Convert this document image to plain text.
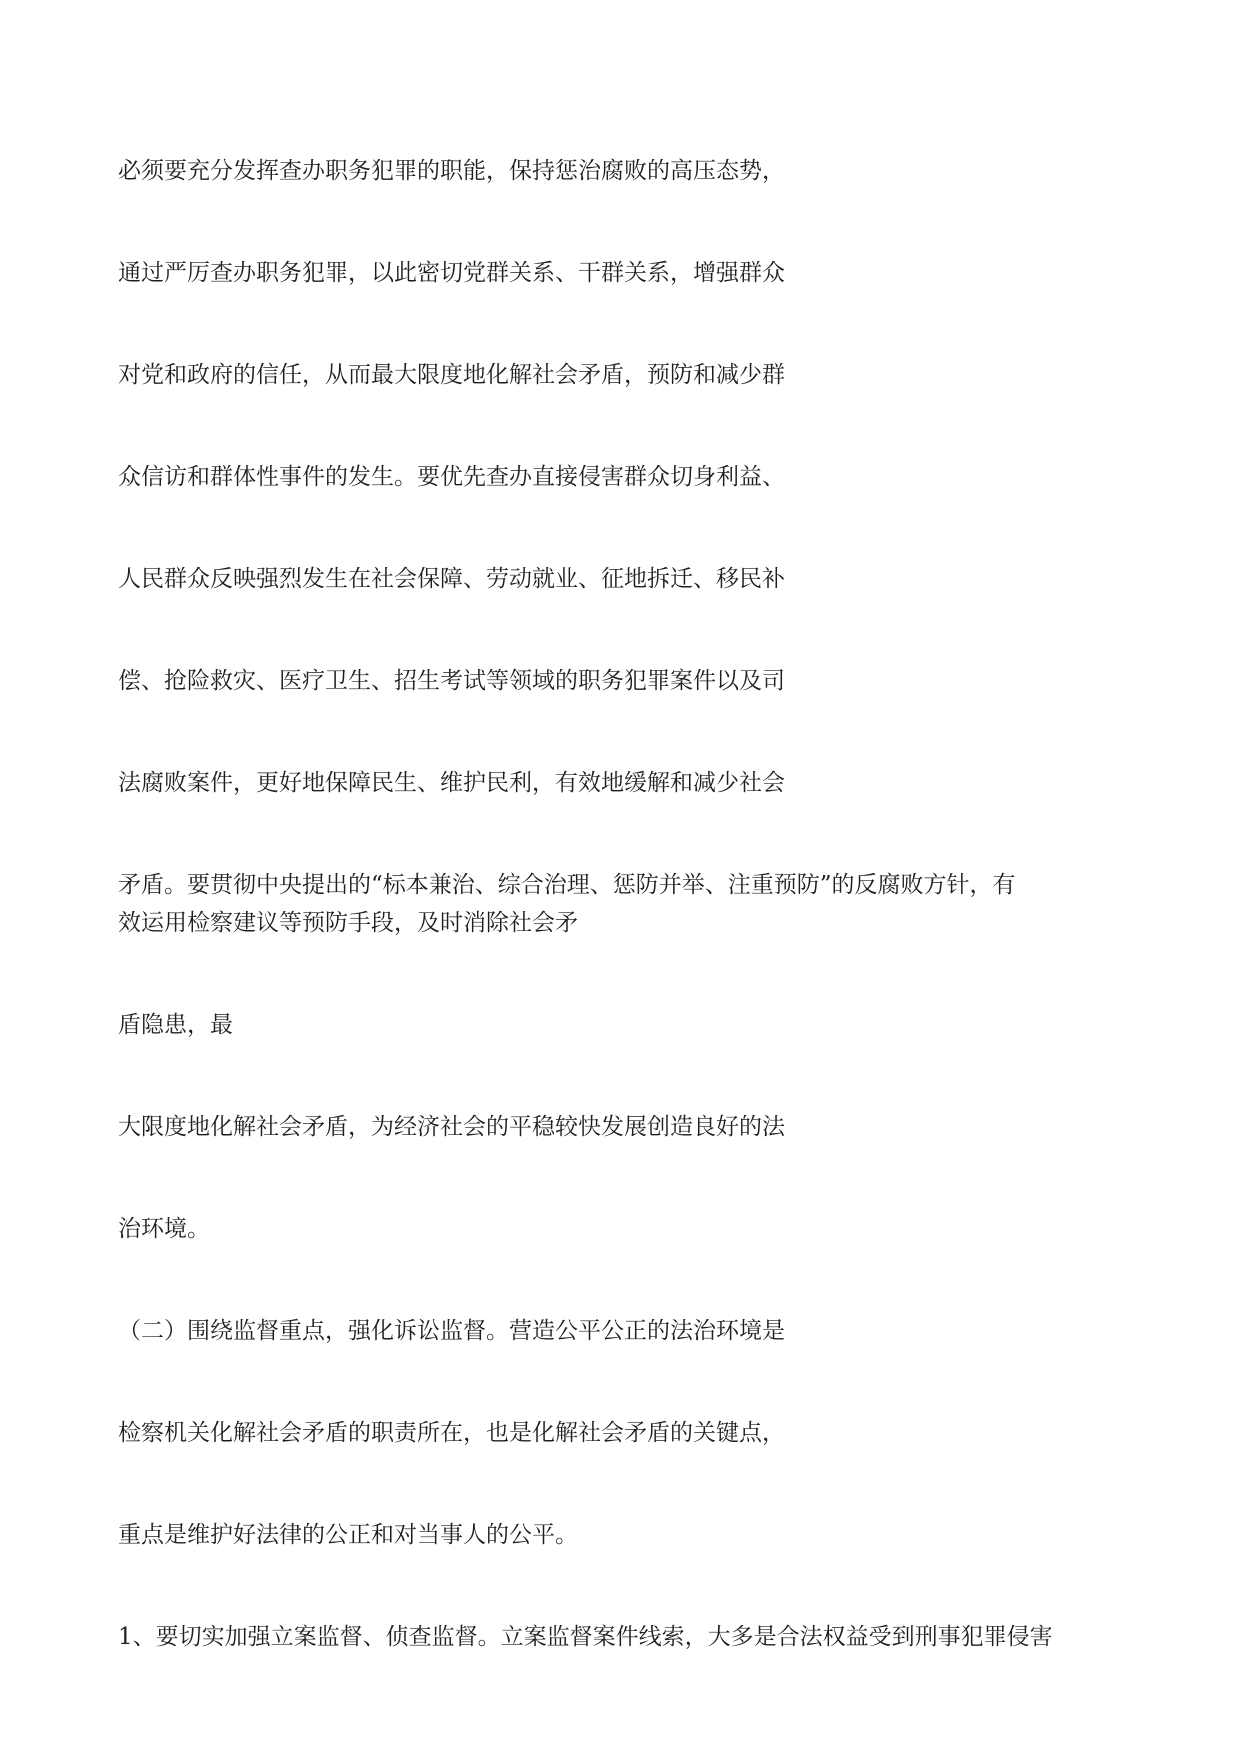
必须要充分发挥查办职务犯罪的职能，保持惩治腐败的高压态势，

通过严厉查办职务犯罪，以此密切党群关系、干群关系，增强群众

对党和政府的信任，从而最大限度地化解社会矛盾，预防和减少群

众信访和群体性事件的发生。要优先查办直接侵害群众切身利益、

人民群众反映强烈发生在社会保障、劳动就业、征地拆迁、移民补

偿、抢险救灾、医疗卫生、招生考试等领域的职务犯罪案件以及司

法腐败案件，更好地保障民生、维护民利，有效地缓解和减少社会

矛盾。要贯彻中央提出的“标本兼治、综合治理、惩防并举、注重预防”的反腐败方针，有

效运用检察建议等预防手段，及时消除社会矛

盾隐患，最

大限度地化解社会矛盾，为经济社会的平稳较快发展创造良好的法

治环境。

（二）围绕监督重点，强化诉讼监督。营造公平公正的法治环境是

检察机关化解社会矛盾的职责所在，也是化解社会矛盾的关键点，

重点是维护好法律的公正和对当事人的公平。

1、要切实加强立案监督、侦查监督。立案监督案件线索，大多是合法权益受到刑事犯罪侵害
